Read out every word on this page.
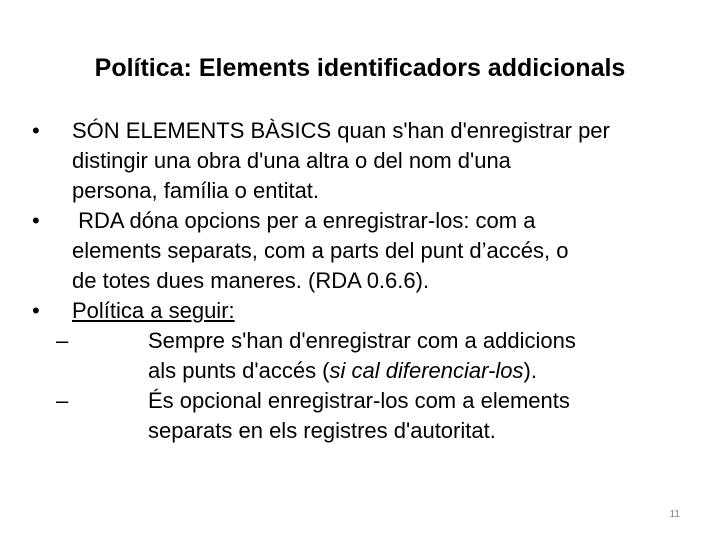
Política: Elements identificadors addicionals
•	SÓN ELEMENTS BÀSICS quan s'han d'enregistrar per
distingir una obra d'una altra o del nom d'una
persona, família o entitat.
•	RDA dóna opcions per a enregistrar-los: com a
elements separats, com a parts del punt d’accés, o
de totes dues maneres. (RDA 0.6.6).
•	Política a seguir:
–	Sempre s'han d'enregistrar com a addicions
als punts d'accés (si cal diferenciar-los).
–	És opcional enregistrar-los com a elements
separats en els registres d'autoritat.
11
